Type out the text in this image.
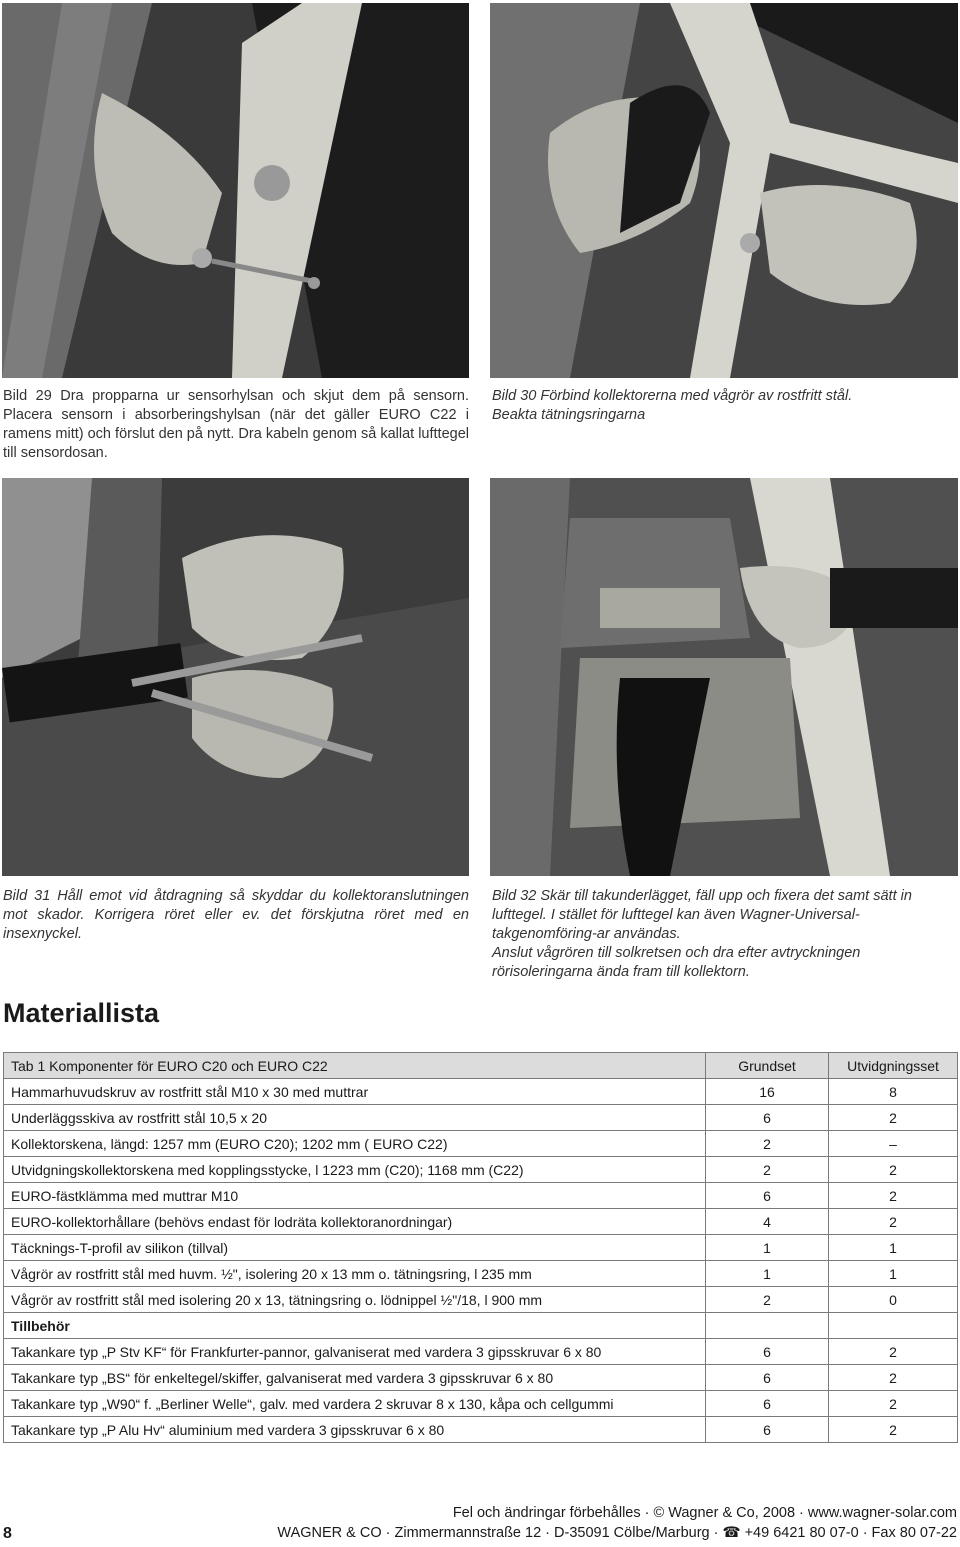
Bild 29 Dra propparna ur sensorhylsan och skjut dem på sensorn. Placera sensorn i absorberingshylsan (när det gäller EURO C22 i ramens mitt) och förslut den på nytt. Dra kabeln genom så kallat lufttegel till sensordosan.
Bild 30 Förbind kollektorerna med vågrör av rostfritt stål.
Beakta tätningsringarna
Bild 31 Håll emot vid åtdragning så skyddar du kollektoranslutningen mot skador. Korrigera röret eller ev. det förskjutna röret med en insexnyckel.
Bild 32 Skär till takunderlägget, fäll upp och fixera det samt sätt in lufttegel. I stället för lufttegel kan även Wagner-Universal-takgenomföring-ar användas.
Anslut vågrören till solkretsen och dra efter avtryckningen rörisoleringarna ända fram till kollektorn.
Materiallista
Tab 1 Komponenter för EURO C20 och EURO C22	Grundset	Utvidgningsset
Hammarhuvudskruv av rostfritt stål M10 x 30 med muttrar	16	8
Underläggsskiva av rostfritt stål 10,5 x 20	6	2
Kollektorskena, längd: 1257 mm (EURO C20); 1202 mm ( EURO C22)	2	–
Utvidgningskollektorskena med kopplingsstycke, l 1223 mm (C20); 1168 mm (C22)	2	2
EURO-fästklämma med muttrar M10	6	2
EURO-kollektorhållare (behövs endast för lodräta kollektoranordningar)	4	2
Täcknings-T-profil av silikon (tillval)	1	1
Vågrör av rostfritt stål med huvm. ½", isolering 20 x 13 mm o. tätningsring, l 235 mm	1	1
Vågrör av rostfritt stål med isolering 20 x 13, tätningsring o. lödnippel ½"/18, l 900 mm	2	0
Tillbehör		
Takankare typ „P Stv KF“ för Frankfurter-pannor, galvaniserat med vardera 3 gipsskruvar 6 x 80	6	2
Takankare typ „BS“ för enkeltegel/skiffer, galvaniserat med vardera 3 gipsskruvar 6 x 80	6	2
Takankare typ „W90“ f. „Berliner Welle“, galv. med vardera 2 skruvar 8 x 130, kåpa och cellgummi	6	2
Takankare typ „P Alu Hv“ aluminium med vardera 3 gipsskruvar 6 x 80	6	2
Fel och ändringar förbehålles · © Wagner & Co, 2008 · www.wagner-solar.com
8	WAGNER & CO · Zimmermannstraße 12 · D-35091 Cölbe/Marburg · ☎ +49 6421 80 07-0 · Fax 80 07-22
